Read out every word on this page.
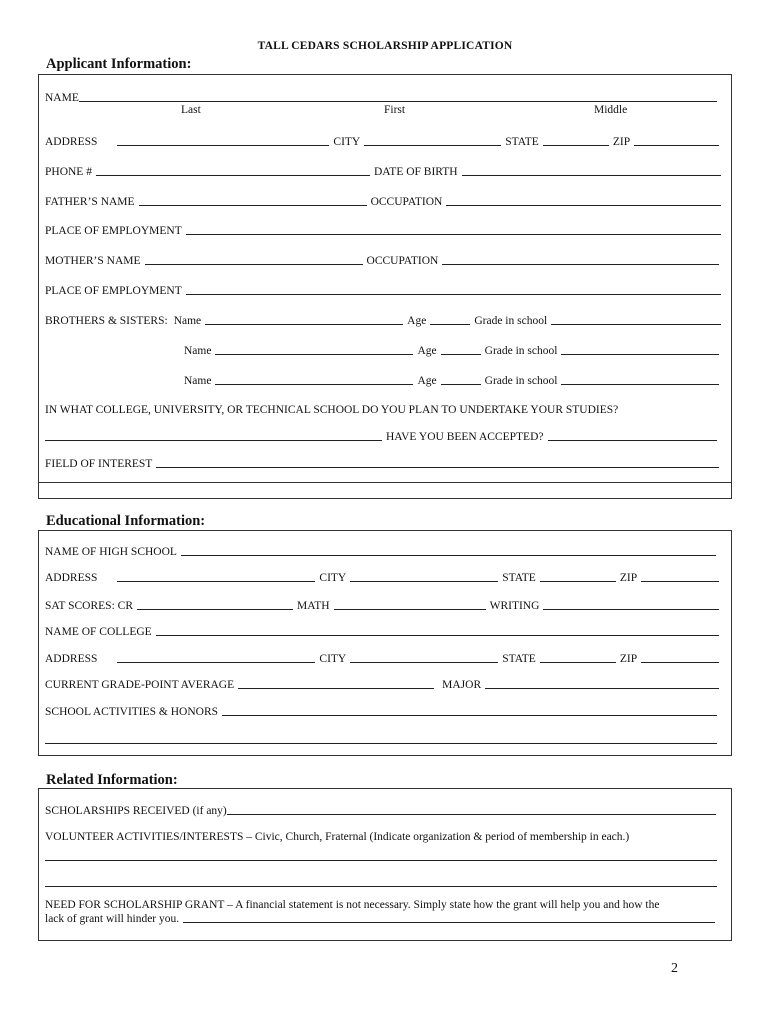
TALL CEDARS SCHOLARSHIP APPLICATION
Applicant Information:
NAME
Last	First	Middle
ADDRESS	CITY	STATE	ZIP
PHONE #	DATE OF BIRTH
FATHER’S NAME	OCCUPATION
PLACE OF EMPLOYMENT
MOTHER’S NAME	OCCUPATION
PLACE OF EMPLOYMENT
BROTHERS & SISTERS: Name	Age	Grade in school
Name	Age	Grade in school
Name	Age	Grade in school
IN WHAT COLLEGE, UNIVERSITY, OR TECHNICAL SCHOOL DO YOU PLAN TO UNDERTAKE YOUR STUDIES?
HAVE YOU BEEN ACCEPTED?
FIELD OF INTEREST
Educational Information:
NAME OF HIGH SCHOOL
ADDRESS	CITY	STATE	ZIP
SAT SCORES: CR	MATH	WRITING
NAME OF COLLEGE
ADDRESS	CITY	STATE	ZIP
CURRENT GRADE-POINT AVERAGE	MAJOR
SCHOOL ACTIVITIES & HONORS
Related Information:
SCHOLARSHIPS RECEIVED (if any)
VOLUNTEER ACTIVITIES/INTERESTS – Civic, Church, Fraternal (Indicate organization & period of membership in each.)
NEED FOR SCHOLARSHIP GRANT – A financial statement is not necessary. Simply state how the grant will help you and how the
lack of grant will hinder you.
2
